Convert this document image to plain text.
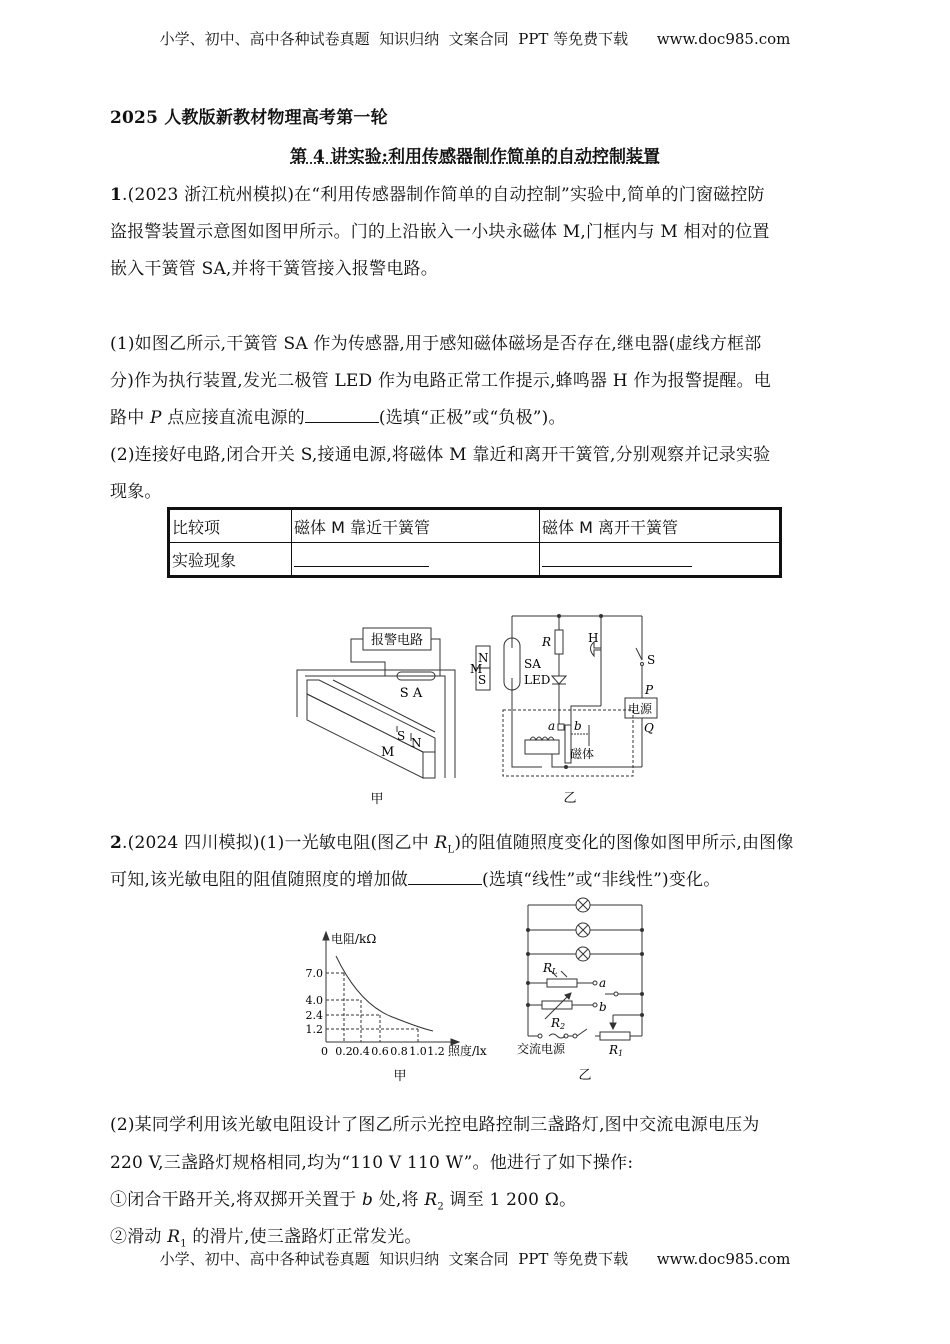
小学、初中、高中各种试卷真题  知识归纳  文案合同  PPT 等免费下载      www.doc985.com
2025 人教版新教材物理高考第一轮
第 4 讲实验:利用传感器制作简单的自动控制装置
1.(2023 浙江杭州模拟)在“利用传感器制作简单的自动控制”实验中,简单的门窗磁控防
盗报警装置示意图如图甲所示。门的上沿嵌入一小块永磁体 M,门框内与 M 相对的位置
嵌入干簧管 SA,并将干簧管接入报警电路。
(1)如图乙所示,干簧管 SA 作为传感器,用于感知磁体磁场是否存在,继电器(虚线方框部
分)作为执行装置,发光二极管 LED 作为电路正常工作提示,蜂鸣器 H 作为报警提醒。电
路中 P 点应接直流电源的	(选填“正极”或“负极”)。
(2)连接好电路,闭合开关 S,接通电源,将磁体 M 靠近和离开干簧管,分别观察并记录实验
现象。
比较项	磁体 M 靠近干簧管	磁体 M 离开干簧管
实验现象	

报警电路
S A
S N
M
甲
M
N
S
SA
LED
R	H
S
P
电源
Q
a b
磁体
乙
2.(2024 四川模拟)(1)一光敏电阻(图乙中 $R_L$)的阻值随照度变化的图像如图甲所示,由图像
可知,该光敏电阻的阻值随照度的增加做	(选填“线性”或“非线性”)变化。
电阻/kΩ
7.0
4.0
2.4
1.2
0 0.2 0.4 0.6 0.8 1.0 1.2 照度/lx
甲
RL
a
b
R2
交流电源	R1
乙
(2)某同学利用该光敏电阻设计了图乙所示光控电路控制三盏路灯,图中交流电源电压为
220 V,三盏路灯规格相同,均为“110 V 110 W”。他进行了如下操作:
①闭合干路开关,将双掷开关置于 b 处,将 $R_2$ 调至 1 200 Ω。
②滑动 $R_1$ 的滑片,使三盏路灯正常发光。
小学、初中、高中各种试卷真题  知识归纳  文案合同  PPT 等免费下载      www.doc985.com
